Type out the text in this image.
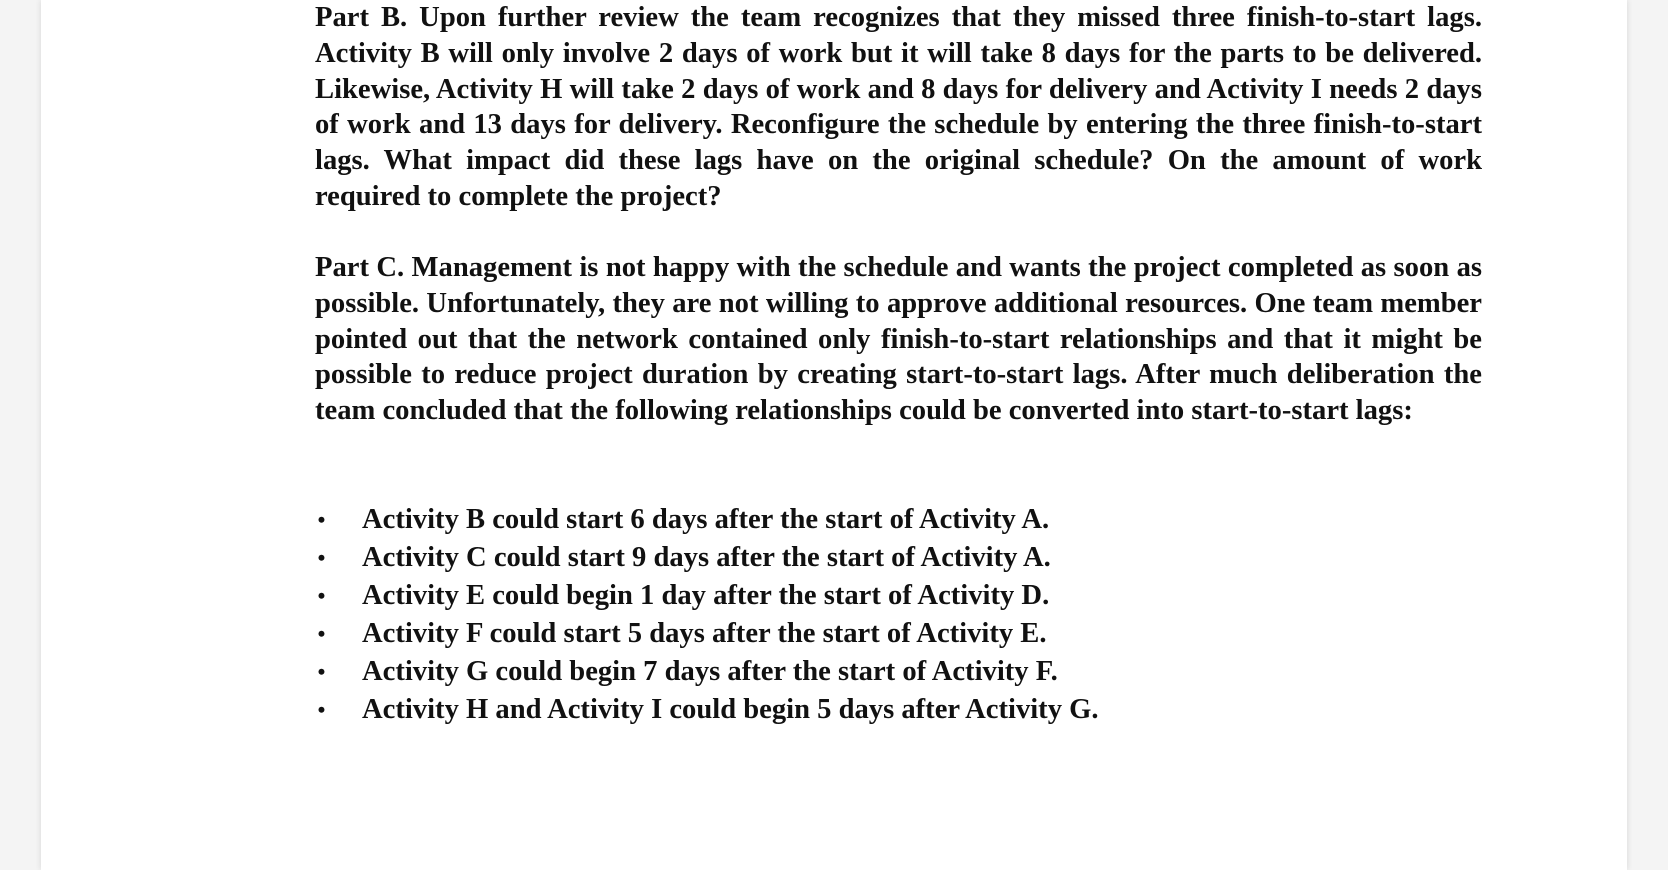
Part B. Upon further review the team recognizes that they missed three finish-to-start lags. Activity B will only involve 2 days of work but it will take 8 days for the parts to be delivered. Likewise, Activity H will take 2 days of work and 8 days for delivery and Activity I needs 2 days of work and 13 days for delivery. Reconfigure the schedule by entering the three finish-to-start lags. What impact did these lags have on the original schedule? On the amount of work required to complete the project?

Part C. Management is not happy with the schedule and wants the project completed as soon as possible. Unfortunately, they are not willing to approve additional resources. One team member pointed out that the network contained only finish-to-start relationships and that it might be possible to reduce project duration by creating start-to-start lags. After much deliberation the team concluded that the following relationships could be converted into start-to-start lags:

• Activity B could start 6 days after the start of Activity A.
• Activity C could start 9 days after the start of Activity A.
• Activity E could begin 1 day after the start of Activity D.
• Activity F could start 5 days after the start of Activity E.
• Activity G could begin 7 days after the start of Activity F.
• Activity H and Activity I could begin 5 days after Activity G.
